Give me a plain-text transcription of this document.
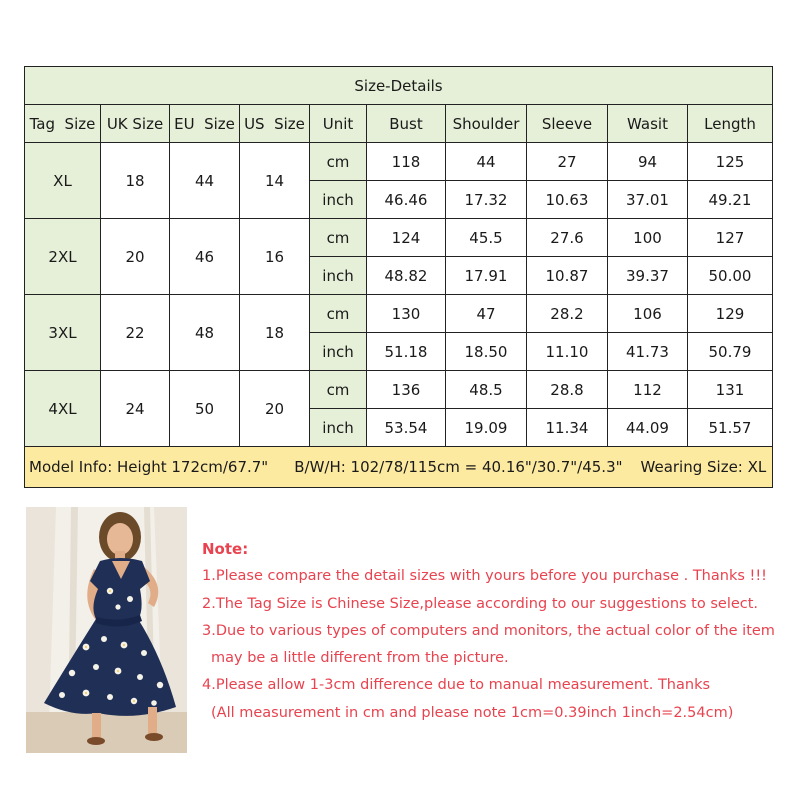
Size-Details									
Tag  Size	UK Size	EU  Size	US  Size	Unit	Bust	Shoulder	Sleeve	Wasit	Length
XL	18	44	14	cm	118	44	27	94	125
				inch	46.46	17.32	10.63	37.01	49.21
2XL	20	46	16	cm	124	45.5	27.6	100	127
				inch	48.82	17.91	10.87	39.37	50.00
3XL	22	48	18	cm	130	47	28.2	106	129
				inch	51.18	18.50	11.10	41.73	50.79
4XL	24	50	20	cm	136	48.5	28.8	112	131
				inch	53.54	19.09	11.34	44.09	51.57
Model Info: Height 172cm/67.7" B/W/H: 102/78/115cm = 40.16"/30.7"/45.3" Wearing Size: XL									
Note:
1.Please compare the detail sizes with yours before you purchase . Thanks !!!
2.The Tag Size is Chinese Size,please according to our suggestions to select.
3.Due to various types of computers and monitors, the actual color of the item
may be a little different from the picture.
4.Please allow 1-3cm difference due to manual measurement. Thanks
(All measurement in cm and please note 1cm=0.39inch 1inch=2.54cm)
